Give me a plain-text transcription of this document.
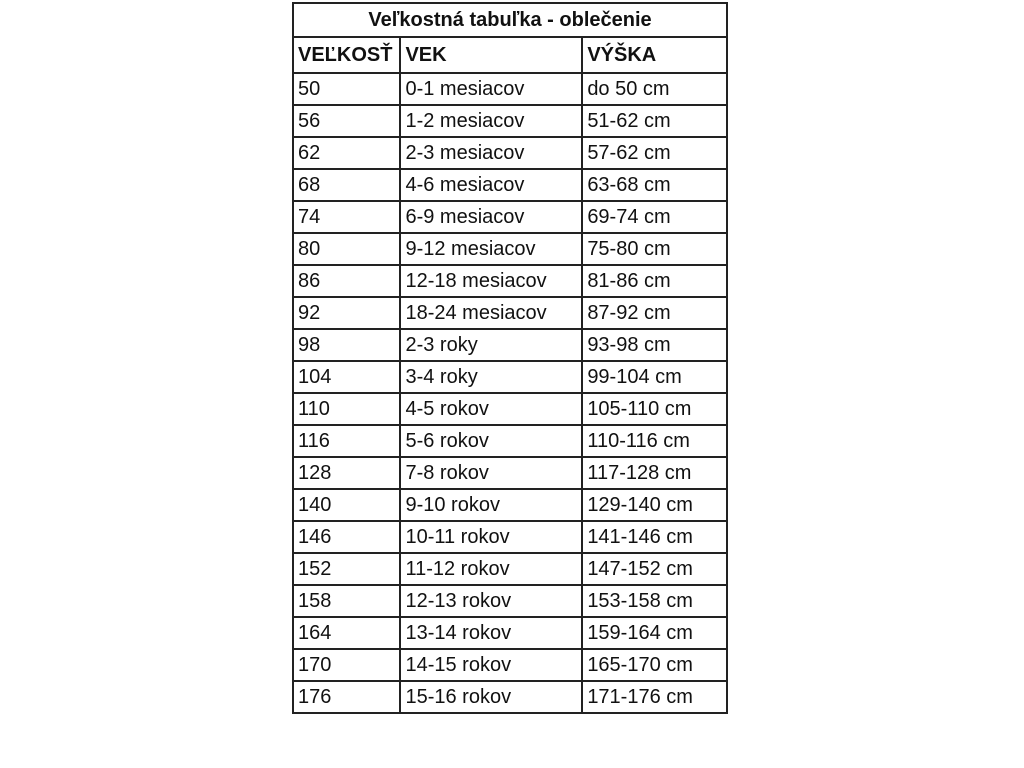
Veľkostná tabuľka - oblečenie		
VEĽKOSŤ	VEK	VÝŠKA
50	0-1 mesiacov	do 50 cm
56	1-2 mesiacov	51-62 cm
62	2-3 mesiacov	57-62 cm
68	4-6 mesiacov	63-68 cm
74	6-9 mesiacov	69-74 cm
80	9-12 mesiacov	75-80 cm
86	12-18 mesiacov	81-86 cm
92	18-24 mesiacov	87-92 cm
98	2-3 roky	93-98 cm
104	3-4 roky	99-104 cm
110	4-5 rokov	105-110 cm
116	5-6 rokov	110-116 cm
128	7-8 rokov	117-128 cm
140	9-10 rokov	129-140 cm
146	10-11 rokov	141-146 cm
152	11-12 rokov	147-152 cm
158	12-13 rokov	153-158 cm
164	13-14 rokov	159-164 cm
170	14-15 rokov	165-170 cm
176	15-16 rokov	171-176 cm
